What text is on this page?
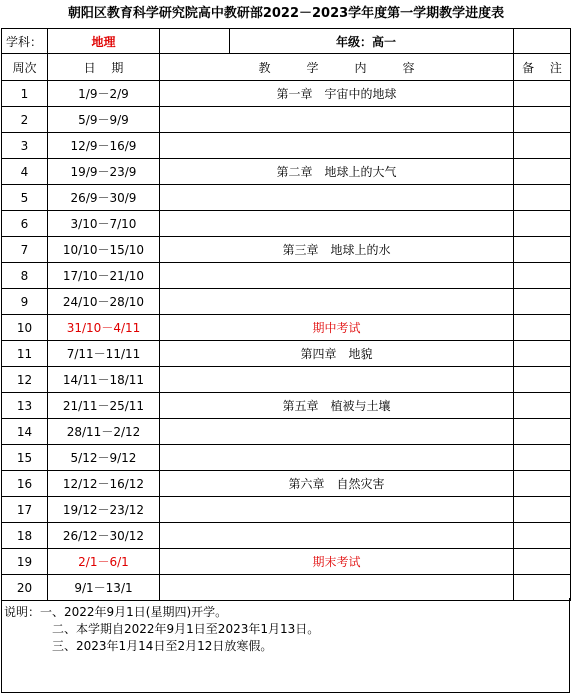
朝阳区教育科学研究院高中教研部2022－2023学年度第一学期教学进度表
学科：	地理		年级：高一	
周次	日　 期	教　　　学　　　内　　　容		备　 注
1	1/9－2/9	第一章　宇宙中的地球		
2	5/9－9/9			
3	12/9－16/9			
4	19/9－23/9	第二章　地球上的大气		
5	26/9－30/9			
6	3/10－7/10			
7	10/10－15/10	第三章　地球上的水		
8	17/10－21/10			
9	24/10－28/10			
10	31/10－4/11	期中考试		
11	7/11－11/11	第四章　地貌		
12	14/11－18/11			
13	21/11－25/11	第五章　植被与土壤		
14	28/11－2/12			
15	5/12－9/12			
16	12/12－16/12	第六章　自然灾害		
17	19/12－23/12			
18	26/12－30/12			
19	2/1－6/1	期末考试		
20	9/1－13/1			
说明：一、2022年9月1日(星期四)开学。
二、本学期自2022年9月1日至2023年1月13日。
三、2023年1月14日至2月12日放寒假。
